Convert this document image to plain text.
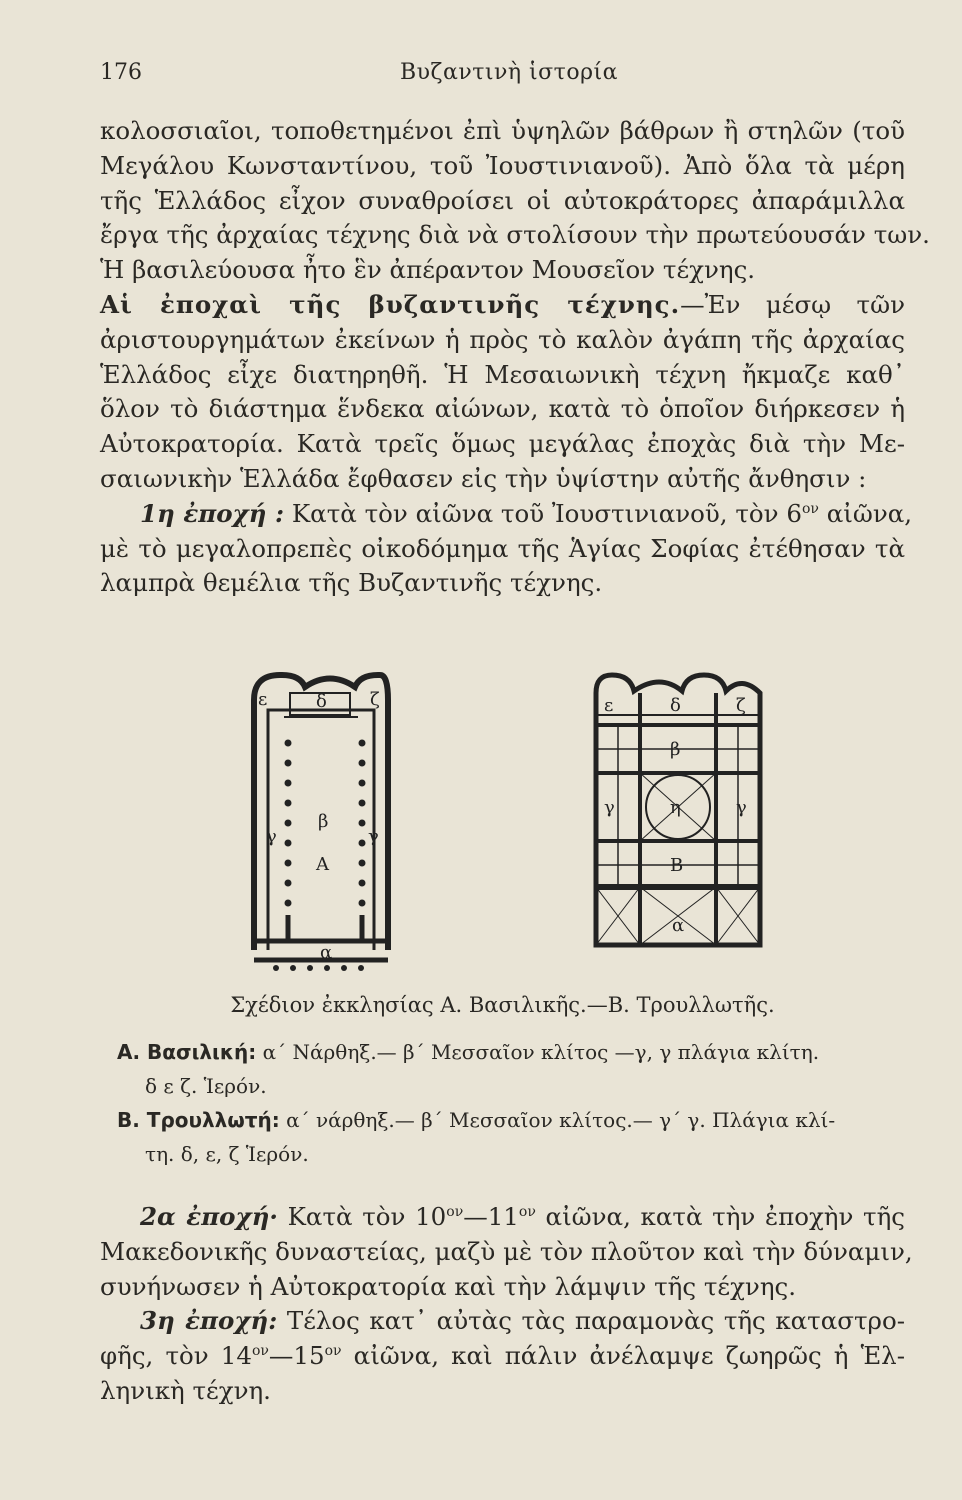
176	Βυζαντινὴ ἱστορία
κολοσσιαῖοι, τοποθετημένοι ἐπὶ ὑψηλῶν βάθρων ἢ στηλῶν (τοῦ
Μεγάλου Κωνσταντίνου, τοῦ Ἰουστινιανοῦ). Ἀπὸ ὅλα τὰ μέρη
τῆς Ἑλλάδος εἶχον συναθροίσει οἱ αὐτοκράτορες ἀπαράμιλλα
ἔργα τῆς ἀρχαίας τέχνης διὰ νὰ στολίσουν τὴν πρωτεύουσάν των.
Ἡ βασιλεύουσα ἦτο ἓν ἀπέραντον Μουσεῖον τέχνης.
Αἱ ἐποχαὶ τῆς βυζαντινῆς τέχνης.—Ἐν μέσῳ τῶν
ἀριστουργημάτων ἐκείνων ἡ πρὸς τὸ καλὸν ἀγάπη τῆς ἀρχαίας
Ἑλλάδος εἶχε διατηρηθῆ. Ἡ Μεσαιωνικὴ τέχνη ἤκμαζε καθ᾽
ὅλον τὸ διάστημα ἕνδεκα αἰώνων, κατὰ τὸ ὁποῖον διήρκεσεν ἡ
Αὐτοκρατορία. Κατὰ τρεῖς ὅμως μεγάλας ἐποχὰς διὰ τὴν Με-
σαιωνικὴν Ἑλλάδα ἔφθασεν εἰς τὴν ὑψίστην αὐτῆς ἄνθησιν :
1η ἐποχή : Κατὰ τὸν αἰῶνα τοῦ Ἰουστινιανοῦ, τὸν $6^{o\nu}$ αἰῶνα,
μὲ τὸ μεγαλοπρεπὲς οἰκοδόμημα τῆς Ἁγίας Σοφίας ἐτέθησαν τὰ
λαμπρὰ θεμέλια τῆς Βυζαντινῆς τέχνης.
ε	δ ζ
γ
β
γ
Α
α
ε	δ	ζ
β
γ	η	γ
Β
α
Σχέδιον ἐκκλησίας Α. Βασιλικῆς.—Β. Τρουλλωτῆς.
Α. Βασιλική: α΄ Νάρθηξ.— β΄ Μεσσαῖον κλίτος —γ, γ πλάγια κλίτη.
δ ε ζ. Ἱερόν.
Β. Τρουλλωτή: α΄ νάρθηξ.— β΄ Μεσσαῖον κλίτος.— γ΄ γ. Πλάγια κλί-
τη. δ, ε, ζ Ἱερόν.
2α ἐποχή· Κατὰ τὸν $10^{o\nu}—11^{o\nu}$ αἰῶνα, κατὰ τὴν ἐποχὴν τῆς
Μακεδονικῆς δυναστείας, μαζὺ μὲ τὸν πλοῦτον καὶ τὴν δύναμιν,
συνήνωσεν ἡ Αὐτοκρατορία καὶ τὴν λάμψιν τῆς τέχνης.
3η ἐποχή: Τέλος κατ᾽ αὐτὰς τὰς παραμονὰς τῆς καταστρο-
φῆς, τὸν $14^{o\nu}—15^{o\nu}$ αἰῶνα, καὶ πάλιν ἀνέλαμψε ζωηρῶς ἡ Ἑλ-
ληνικὴ τέχνη.
